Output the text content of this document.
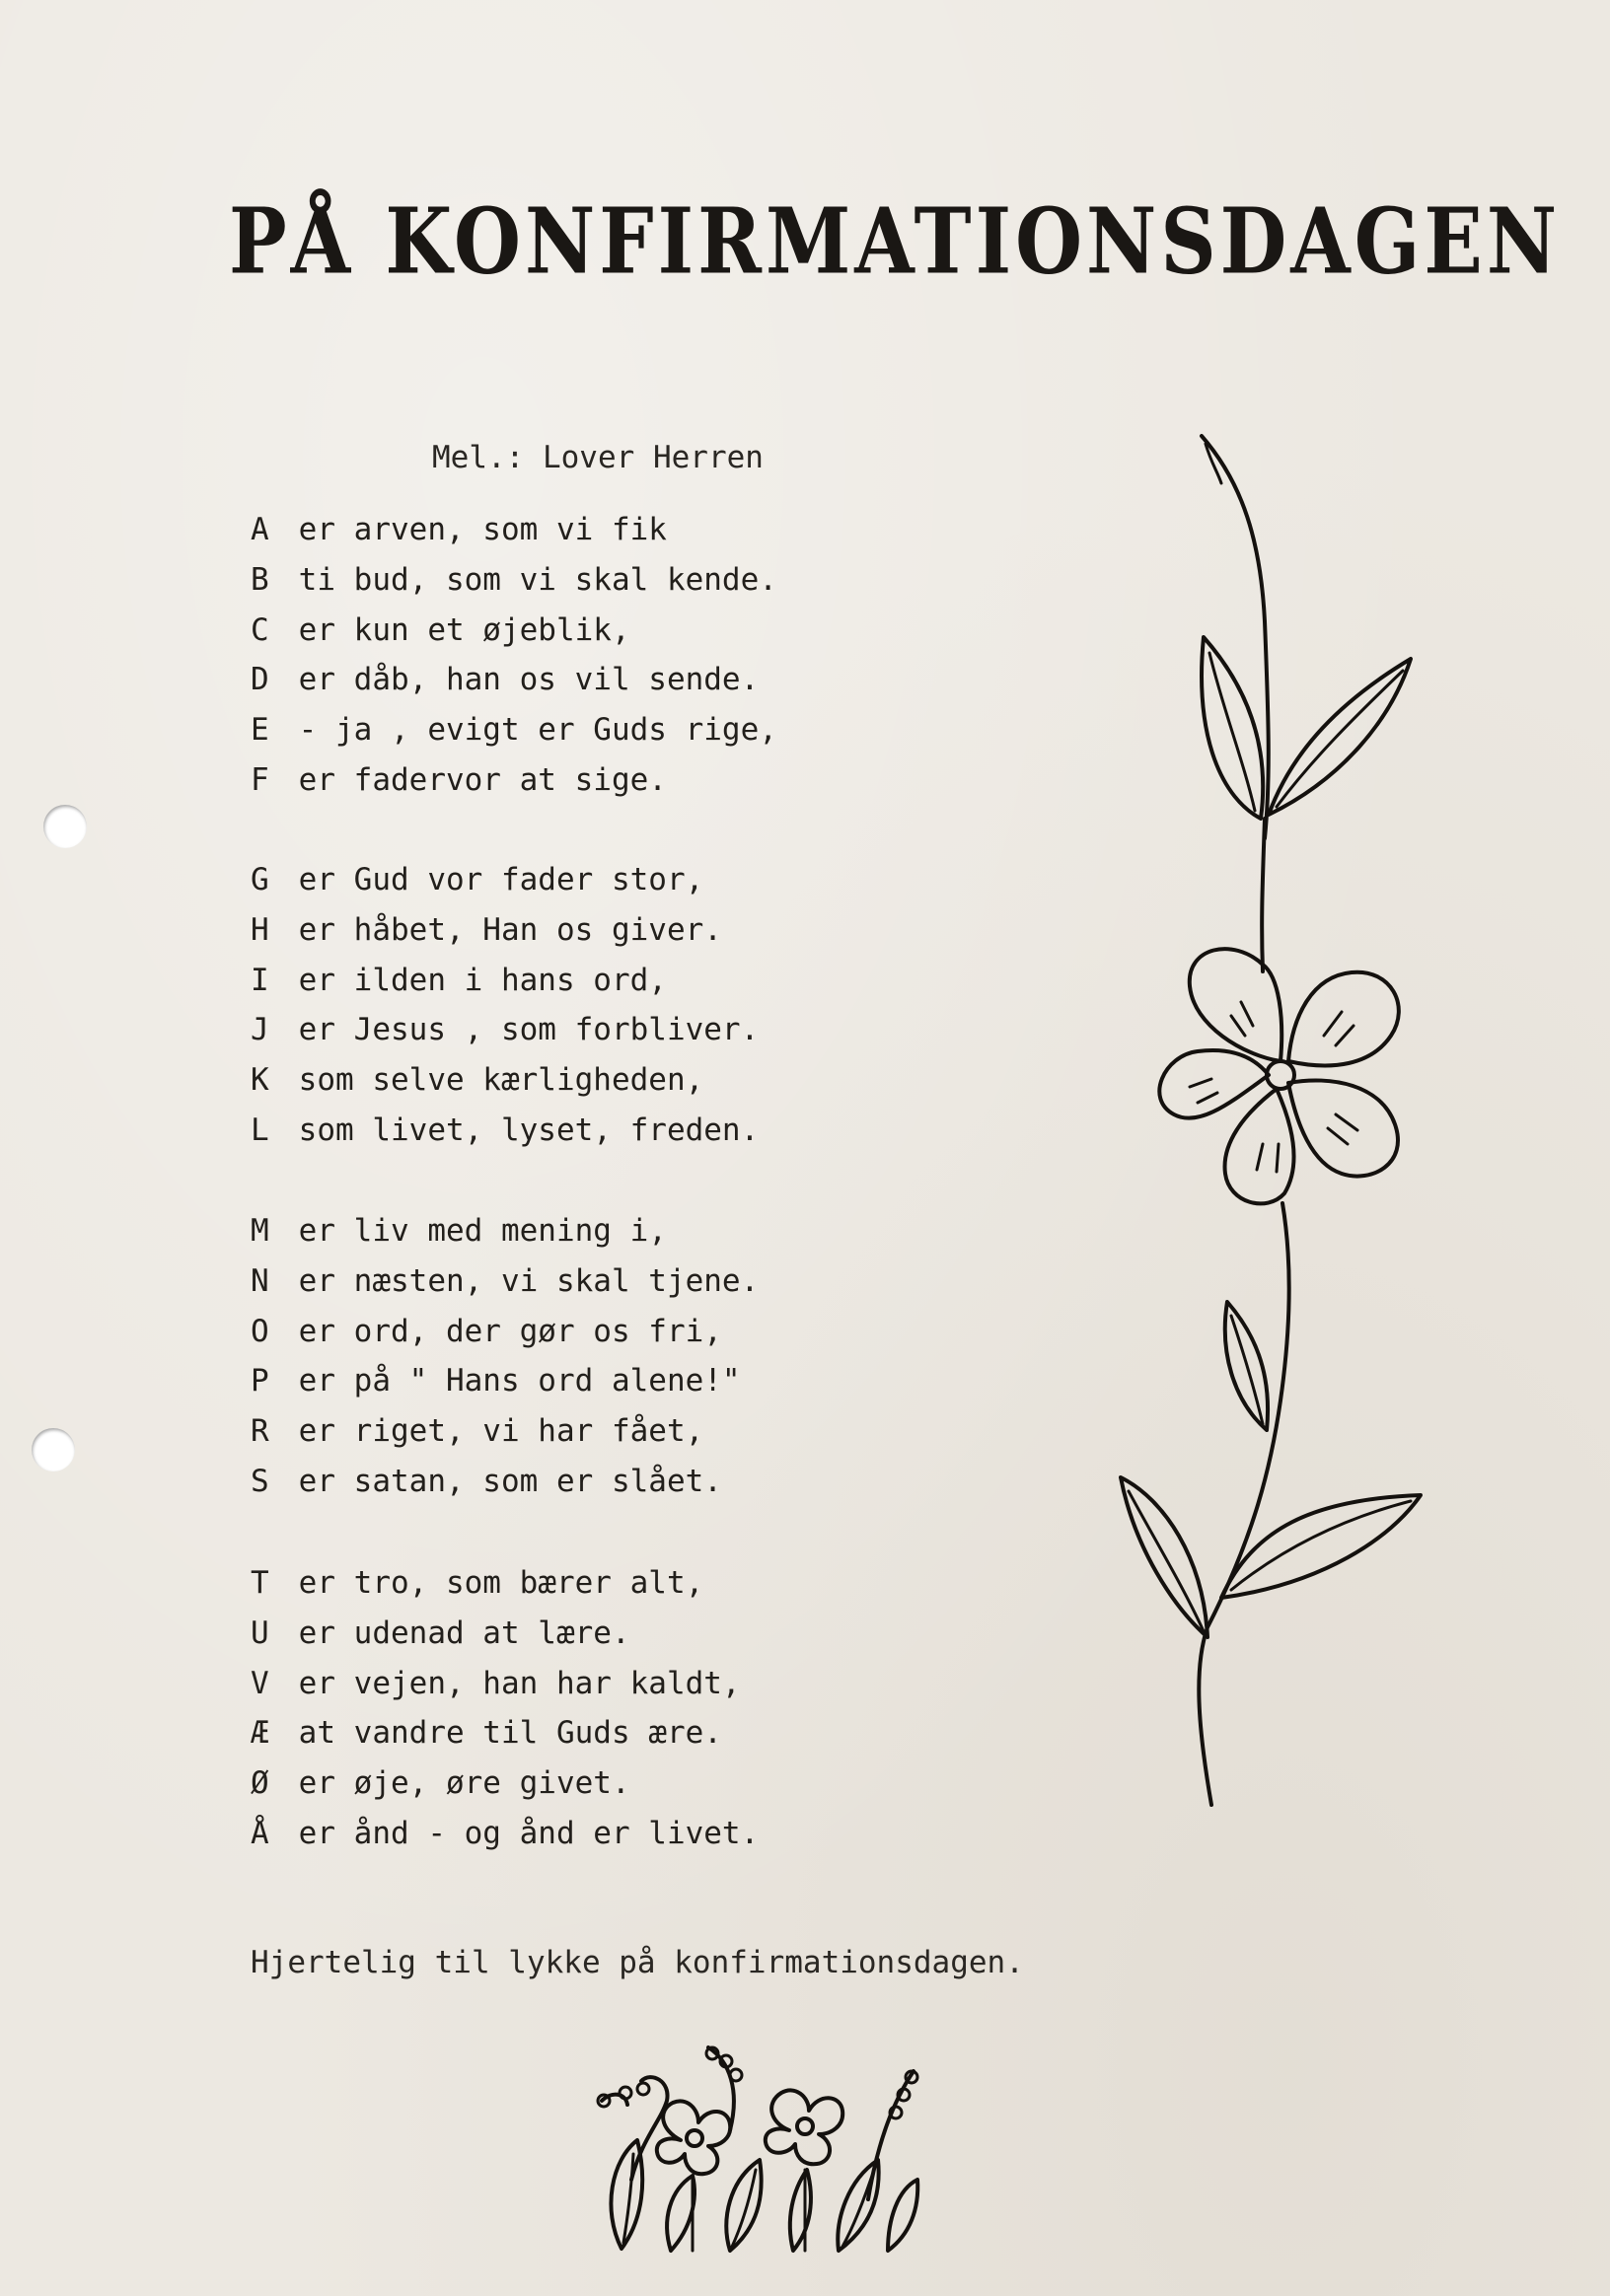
PÅ KONFIRMATIONSDAGEN
Mel.: Lover Herren
A er arven, som vi fik
B ti bud, som vi skal kende.
C er kun et øjeblik,
D er dåb, han os vil sende.
E - ja , evigt er Guds rige,
F er fadervor at sige.
G er Gud vor fader stor,
H er håbet, Han os giver.
I er ilden i hans ord,
J er Jesus , som forbliver.
K som selve kærligheden,
L som livet, lyset, freden.
M er liv med mening i,
N er næsten, vi skal tjene.
O er ord, der gør os fri,
P er på " Hans ord alene!"
R er riget, vi har fået,
S er satan, som er slået.
T er tro, som bærer alt,
U er udenad at lære.
V er vejen, han har kaldt,
Æ at vandre til Guds ære.
Ø er øje, øre givet.
Å er ånd - og ånd er livet.
Hjertelig til lykke på konfirmationsdagen.
